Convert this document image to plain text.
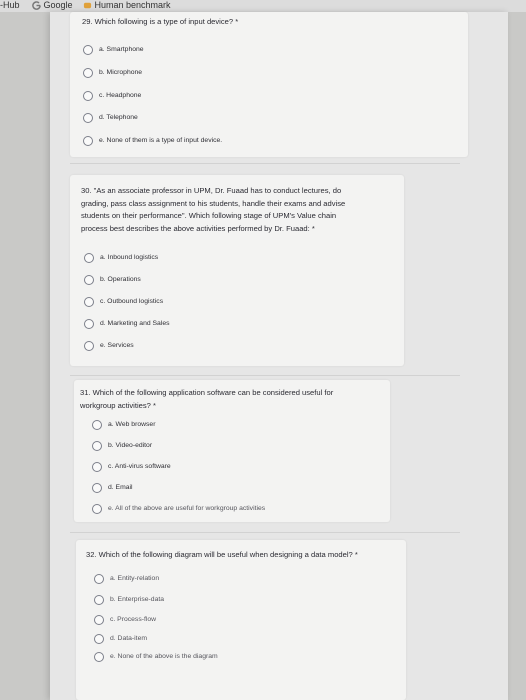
-Hub	Google	Human benchmark
29. Which following is a type of input device? *
a. Smartphone
b. Microphone
c. Headphone
d. Telephone
e. None of them is a type of input device.
30. "As an associate professor in UPM, Dr. Fuaad has to conduct lectures, do
grading, pass class assignment to his students, handle their exams and advise
students on their performance". Which following stage of UPM's Value chain
process best describes the above activities performed by Dr. Fuaad: *
a. Inbound logistics
b. Operations
c. Outbound logistics
d. Marketing and Sales
e. Services
31. Which of the following application software can be considered useful for
workgroup activities? *
a. Web browser
b. Video-editor
c. Anti-virus software
d. Email
e. All of the above are useful for workgroup activities
32. Which of the following diagram will be useful when designing a data model? *
a. Entity-relation
b. Enterprise-data
c. Process-flow
d. Data-item
e. None of the above is the diagram
